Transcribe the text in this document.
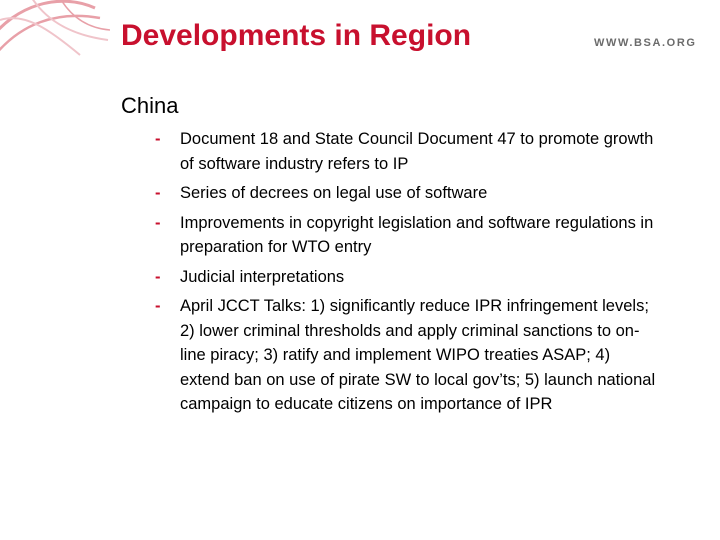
Developments in Region	WWW.BSA.ORG
China
- Document 18 and State Council Document 47 to promote growth of software industry refers to IP
- Series of decrees on legal use of software
- Improvements in copyright legislation and software regulations in preparation for WTO entry
- Judicial interpretations
- April JCCT Talks: 1) significantly reduce IPR infringement levels; 2) lower criminal thresholds and apply criminal sanctions to on-line piracy; 3) ratify and implement WIPO treaties ASAP; 4) extend ban on use of pirate SW to local gov’ts; 5) launch national campaign to educate citizens on importance of IPR
